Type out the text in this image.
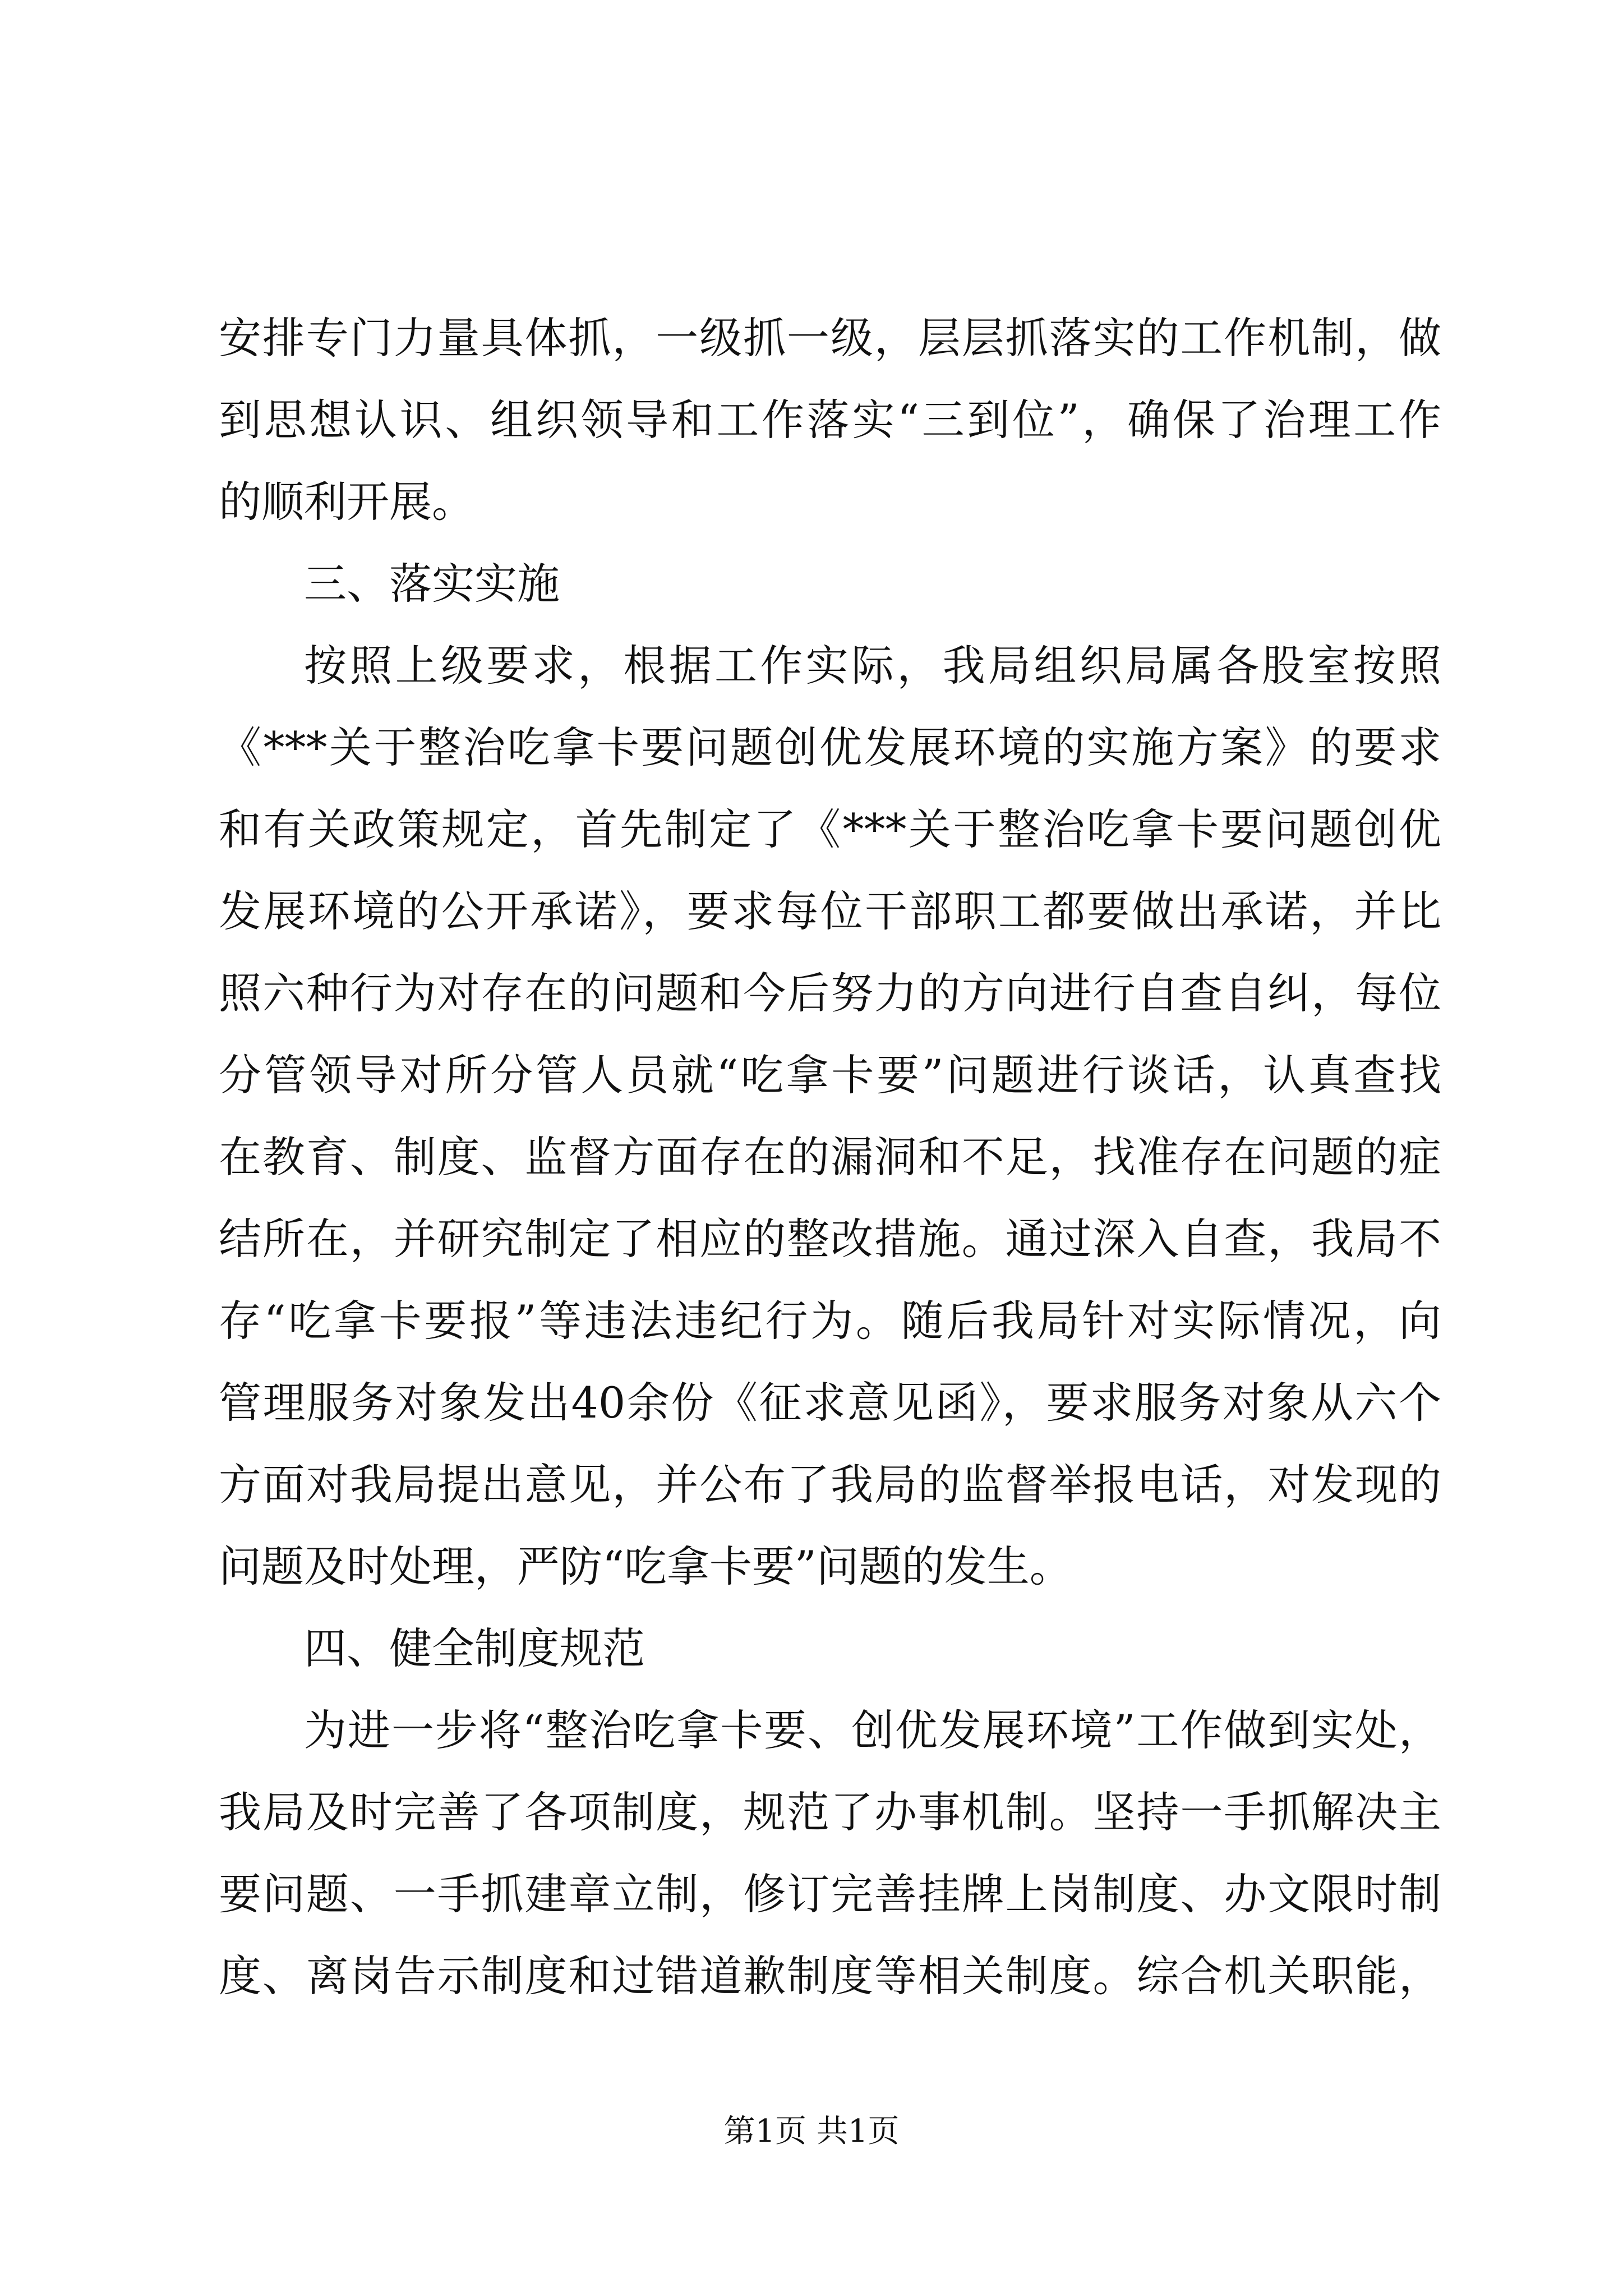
安排专门力量具体抓，一级抓一级，层层抓落实的工作机制，做
到思想认识、组织领导和工作落实“三到位”，确保了治理工作
的顺利开展。
三、落实实施
按照上级要求，根据工作实际，我局组织局属各股室按照
《***关于整治吃拿卡要问题创优发展环境的实施方案》的要求
和有关政策规定，首先制定了《***关于整治吃拿卡要问题创优
发展环境的公开承诺》，要求每位干部职工都要做出承诺，并比
照六种行为对存在的问题和今后努力的方向进行自查自纠，每位
分管领导对所分管人员就“吃拿卡要”问题进行谈话，认真查找
在教育、制度、监督方面存在的漏洞和不足，找准存在问题的症
结所在，并研究制定了相应的整改措施。通过深入自查，我局不
存“吃拿卡要报”等违法违纪行为。随后我局针对实际情况，向
管理服务对象发出40余份《征求意见函》，要求服务对象从六个
方面对我局提出意见，并公布了我局的监督举报电话，对发现的
问题及时处理，严防“吃拿卡要”问题的发生。
四、健全制度规范
为进一步将“整治吃拿卡要、创优发展环境”工作做到实处，
我局及时完善了各项制度，规范了办事机制。坚持一手抓解决主
要问题、一手抓建章立制，修订完善挂牌上岗制度、办文限时制
度、离岗告示制度和过错道歉制度等相关制度。综合机关职能，
第1页 共1页
